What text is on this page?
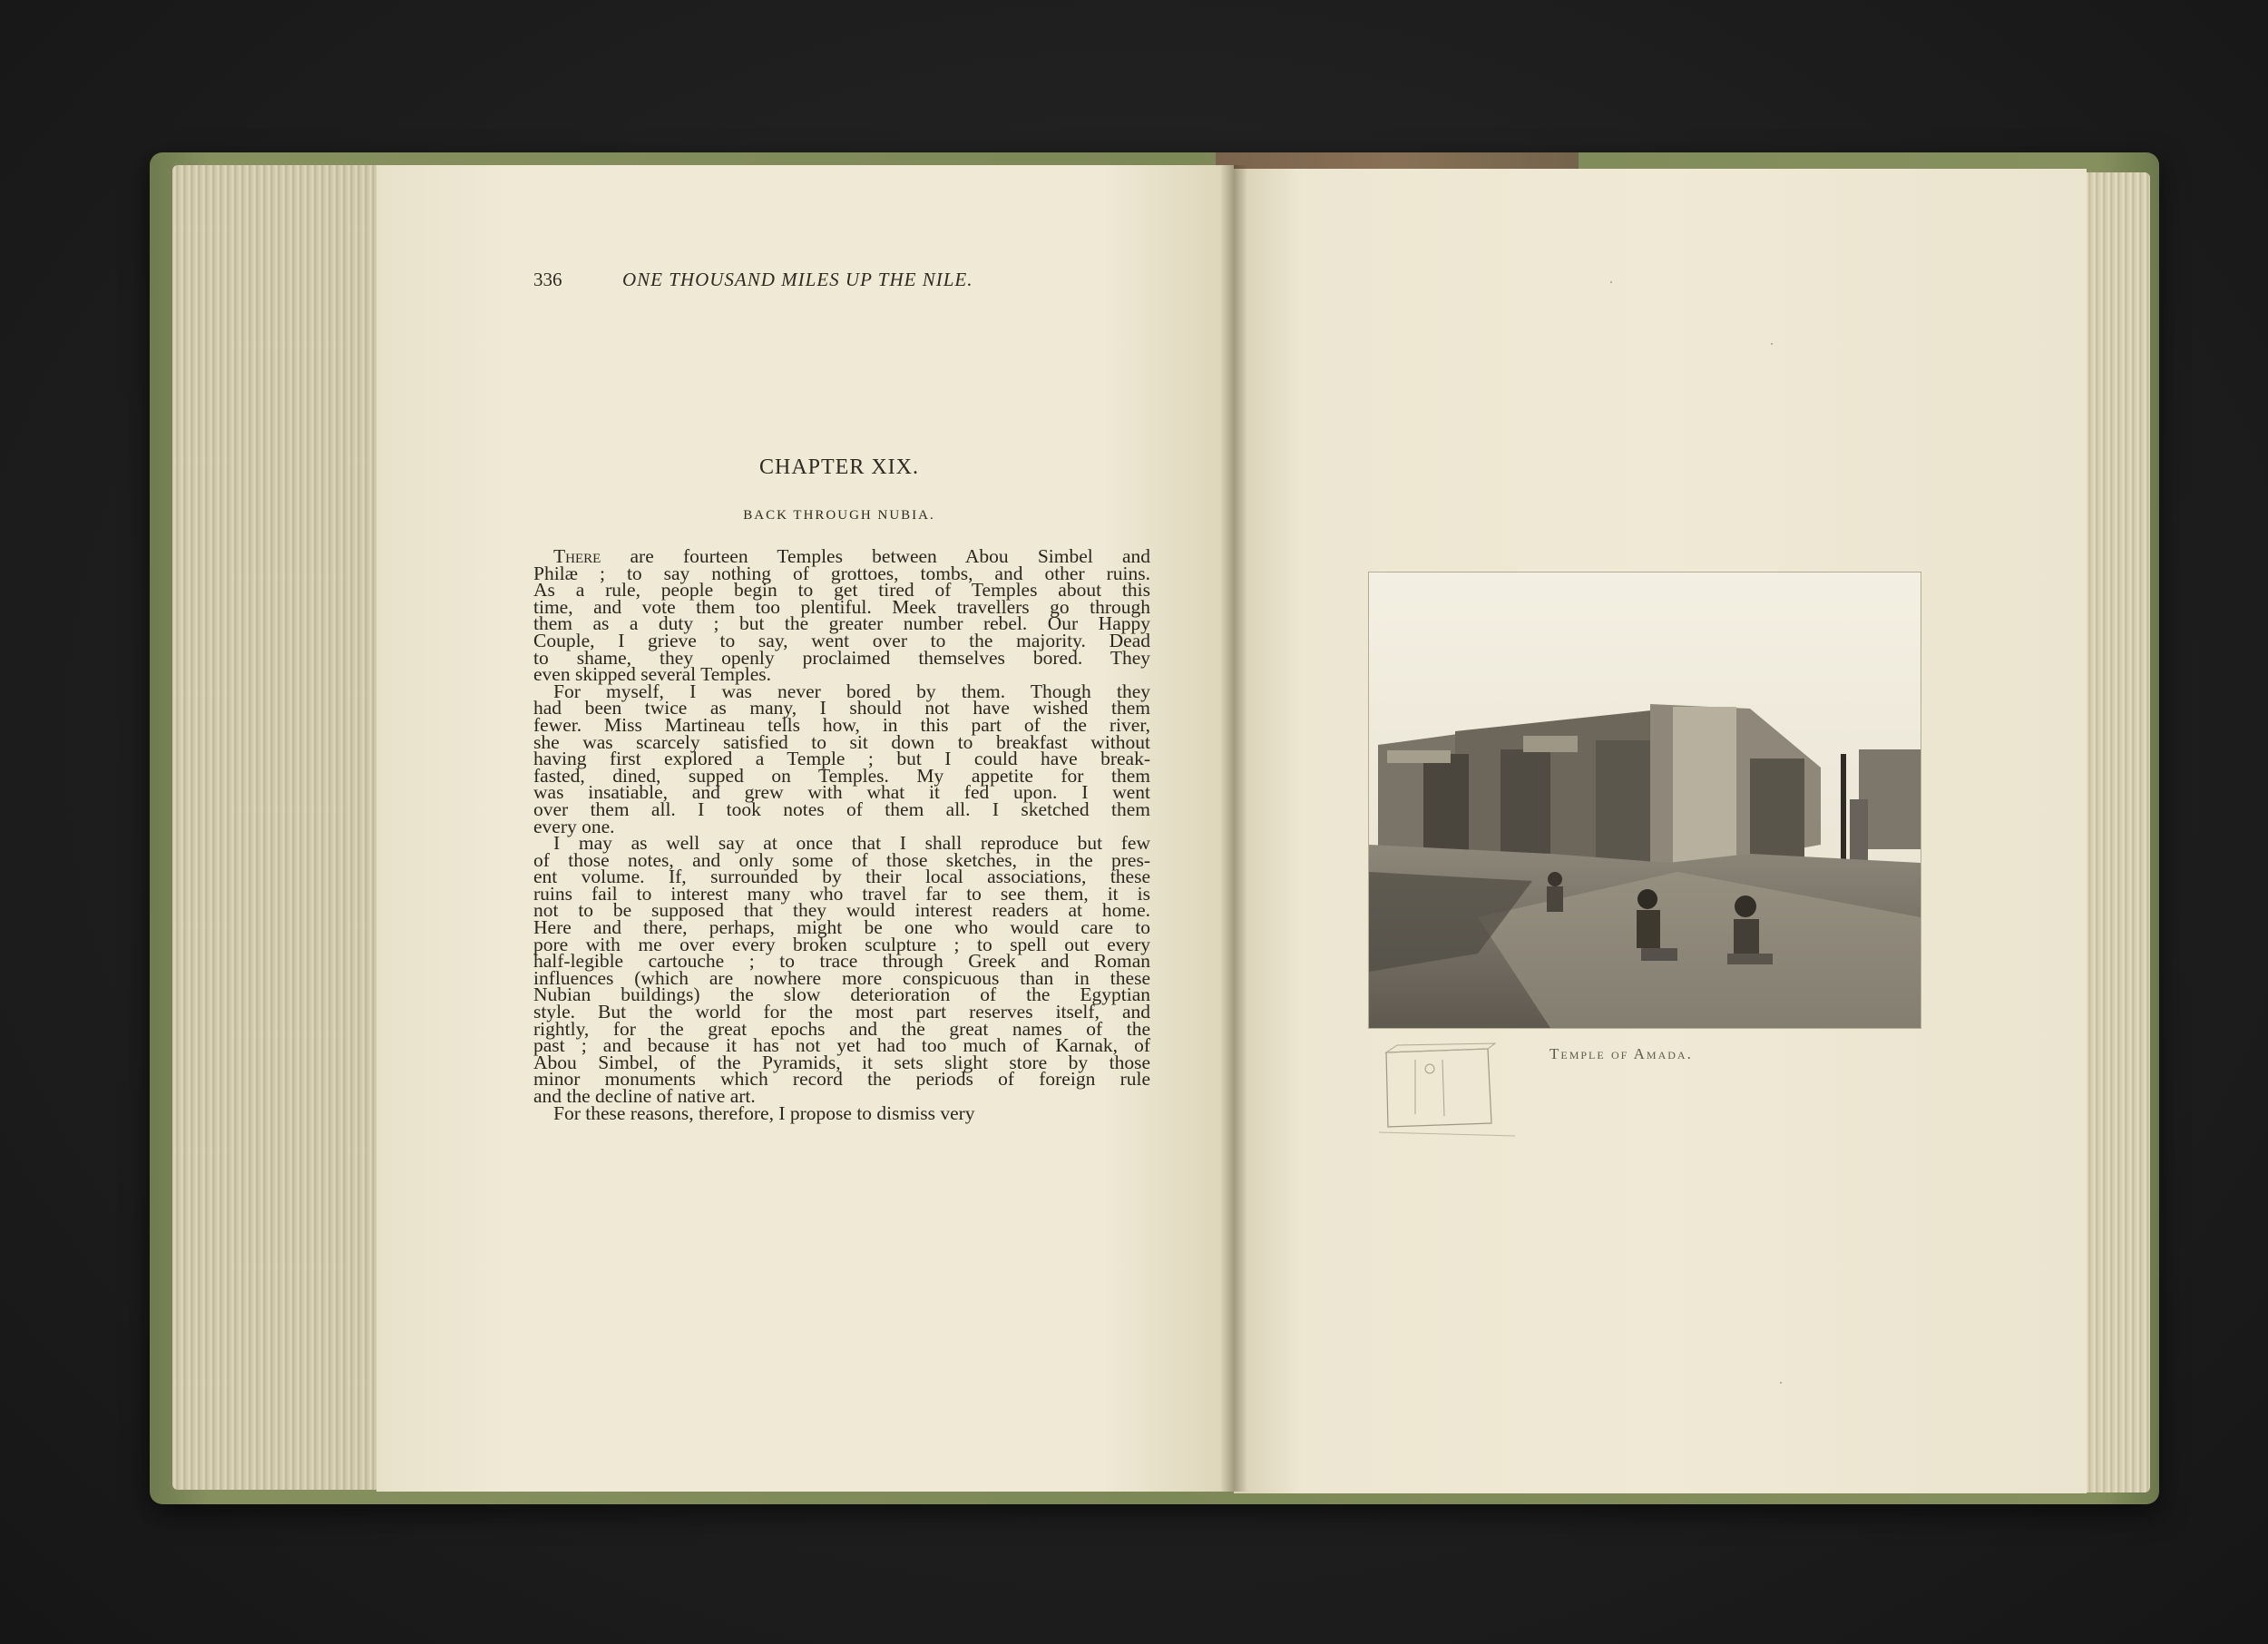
336	ONE THOUSAND MILES UP THE NILE.
CHAPTER XIX.
BACK THROUGH NUBIA.
There are fourteen Temples between Abou Simbel and
Philæ ; to say nothing of grottoes, tombs, and other ruins.
As a rule, people begin to get tired of Temples about this
time, and vote them too plentiful. Meek travellers go through
them as a duty ; but the greater number rebel. Our Happy
Couple, I grieve to say, went over to the majority. Dead
to shame, they openly proclaimed themselves bored. They
even skipped several Temples.
For myself, I was never bored by them. Though they
had been twice as many, I should not have wished them
fewer. Miss Martineau tells how, in this part of the river,
she was scarcely satisfied to sit down to breakfast without
having first explored a Temple ; but I could have break-
fasted, dined, supped on Temples. My appetite for them
was insatiable, and grew with what it fed upon. I went
over them all. I took notes of them all. I sketched them
every one.
I may as well say at once that I shall reproduce but few
of those notes, and only some of those sketches, in the pres-
ent volume. If, surrounded by their local associations, these
ruins fail to interest many who travel far to see them, it is
not to be supposed that they would interest readers at home.
Here and there, perhaps, might be one who would care to
pore with me over every broken sculpture ; to spell out every
half-legible cartouche ; to trace through Greek and Roman
influences (which are nowhere more conspicuous than in these
Nubian buildings) the slow deterioration of the Egyptian
style. But the world for the most part reserves itself, and
rightly, for the great epochs and the great names of the
past ; and because it has not yet had too much of Karnak, of
Abou Simbel, of the Pyramids, it sets slight store by those
minor monuments which record the periods of foreign rule
and the decline of native art.
For these reasons, therefore, I propose to dismiss very
Temple of Amada.
